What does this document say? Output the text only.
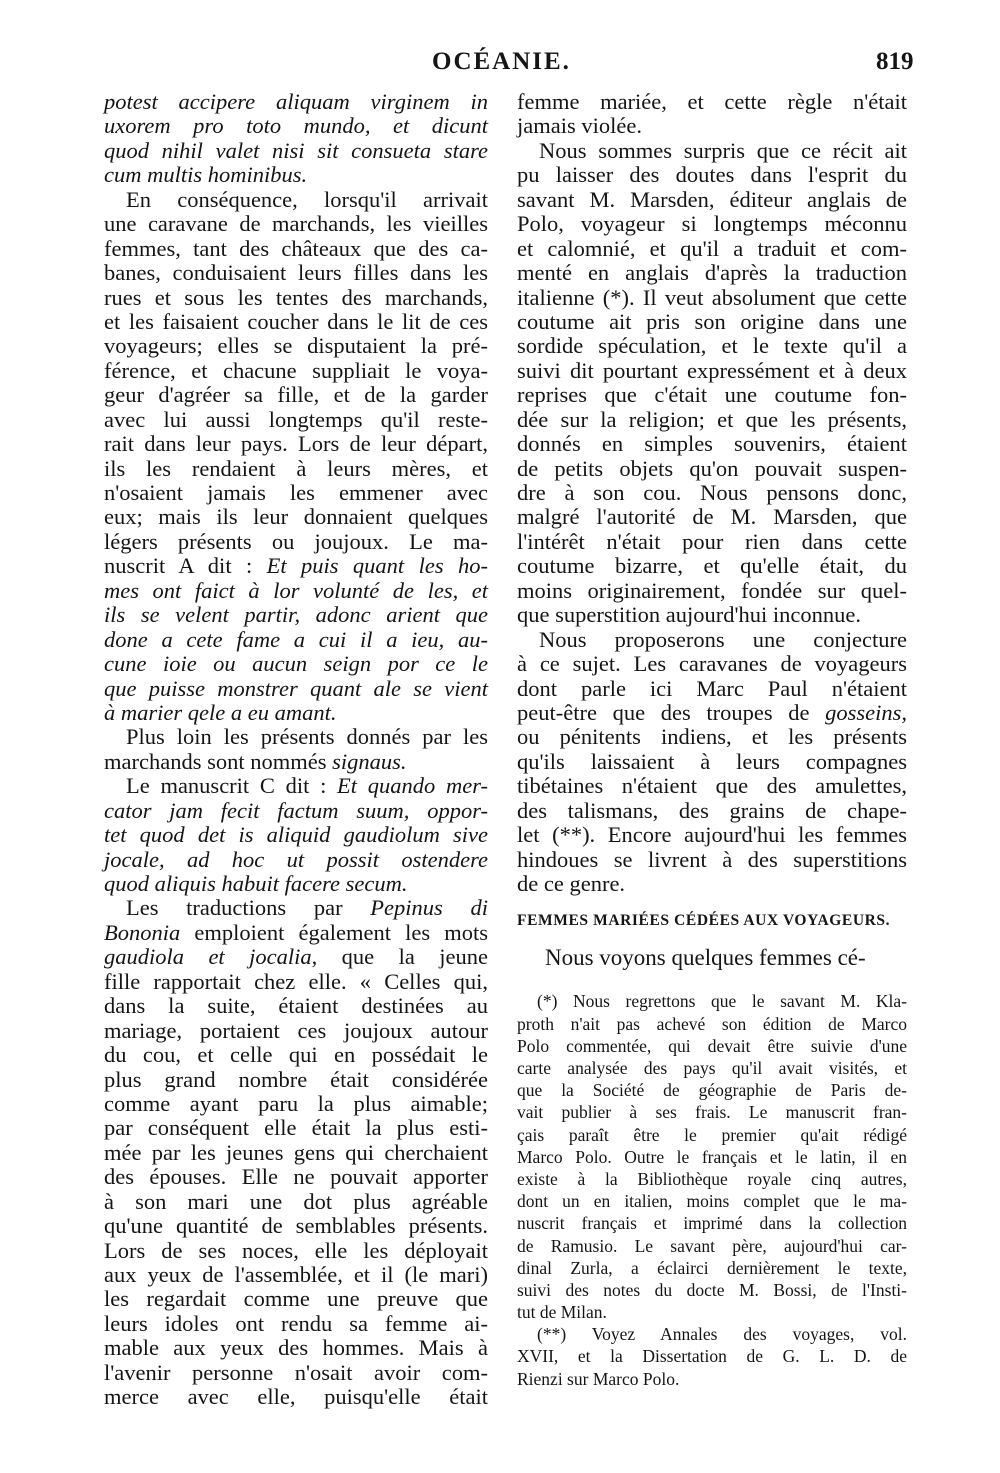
OCÉANIE.	819
potest accipere aliquam virginem in
uxorem pro toto mundo, et dicunt
quod nihil valet nisi sit consueta stare
cum multis hominibus.
En conséquence, lorsqu'il arrivait
une caravane de marchands, les vieilles
femmes, tant des châteaux que des ca-
banes, conduisaient leurs filles dans les
rues et sous les tentes des marchands,
et les faisaient coucher dans le lit de ces
voyageurs; elles se disputaient la pré-
férence, et chacune suppliait le voya-
geur d'agréer sa fille, et de la garder
avec lui aussi longtemps qu'il reste-
rait dans leur pays. Lors de leur départ,
ils les rendaient à leurs mères, et
n'osaient jamais les emmener avec
eux; mais ils leur donnaient quelques
légers présents ou joujoux. Le ma-
nuscrit A dit : Et puis quant les ho-
mes ont faict à lor volunté de les, et
ils se velent partir, adonc arient que
done a cete fame a cui il a ieu, au-
cune ioie ou aucun seign por ce le
que puisse monstrer quant ale se vient
à marier qele a eu amant.
Plus loin les présents donnés par les
marchands sont nommés signaus.
Le manuscrit C dit : Et quando mer-
cator jam fecit factum suum, oppor-
tet quod det is aliquid gaudiolum sive
jocale, ad hoc ut possit ostendere
quod aliquis habuit facere secum.
Les traductions par Pepinus di
Bononia emploient également les mots
gaudiola et jocalia, que la jeune
fille rapportait chez elle. « Celles qui,
dans la suite, étaient destinées au
mariage, portaient ces joujoux autour
du cou, et celle qui en possédait le
plus grand nombre était considérée
comme ayant paru la plus aimable;
par conséquent elle était la plus esti-
mée par les jeunes gens qui cherchaient
des épouses. Elle ne pouvait apporter
à son mari une dot plus agréable
qu'une quantité de semblables présents.
Lors de ses noces, elle les déployait
aux yeux de l'assemblée, et il (le mari)
les regardait comme une preuve que
leurs idoles ont rendu sa femme ai-
mable aux yeux des hommes. Mais à
l'avenir personne n'osait avoir com-
merce avec elle, puisqu'elle était
femme mariée, et cette règle n'était
jamais violée.
Nous sommes surpris que ce récit ait
pu laisser des doutes dans l'esprit du
savant M. Marsden, éditeur anglais de
Polo, voyageur si longtemps méconnu
et calomnié, et qu'il a traduit et com-
menté en anglais d'après la traduction
italienne (*). Il veut absolument que cette
coutume ait pris son origine dans une
sordide spéculation, et le texte qu'il a
suivi dit pourtant expressément et à deux
reprises que c'était une coutume fon-
dée sur la religion; et que les présents,
donnés en simples souvenirs, étaient
de petits objets qu'on pouvait suspen-
dre à son cou. Nous pensons donc,
malgré l'autorité de M. Marsden, que
l'intérêt n'était pour rien dans cette
coutume bizarre, et qu'elle était, du
moins originairement, fondée sur quel-
que superstition aujourd'hui inconnue.
Nous proposerons une conjecture
à ce sujet. Les caravanes de voyageurs
dont parle ici Marc Paul n'étaient
peut-être que des troupes de gosseins,
ou pénitents indiens, et les présents
qu'ils laissaient à leurs compagnes
tibétaines n'étaient que des amulettes,
des talismans, des grains de chape-
let (**). Encore aujourd'hui les femmes
hindoues se livrent à des superstitions
de ce genre.
FEMMES MARIÉES CÉDÉES AUX VOYAGEURS.
Nous voyons quelques femmes cé-
(*) Nous regrettons que le savant M. Kla-
proth n'ait pas achevé son édition de Marco
Polo commentée, qui devait être suivie d'une
carte analysée des pays qu'il avait visités, et
que la Société de géographie de Paris de-
vait publier à ses frais. Le manuscrit fran-
çais paraît être le premier qu'ait rédigé
Marco Polo. Outre le français et le latin, il en
existe à la Bibliothèque royale cinq autres,
dont un en italien, moins complet que le ma-
nuscrit français et imprimé dans la collection
de Ramusio. Le savant père, aujourd'hui car-
dinal Zurla, a éclairci dernièrement le texte,
suivi des notes du docte M. Bossi, de l'Insti-
tut de Milan.
(**) Voyez Annales des voyages, vol.
XVII, et la Dissertation de G. L. D. de
Rienzi sur Marco Polo.
